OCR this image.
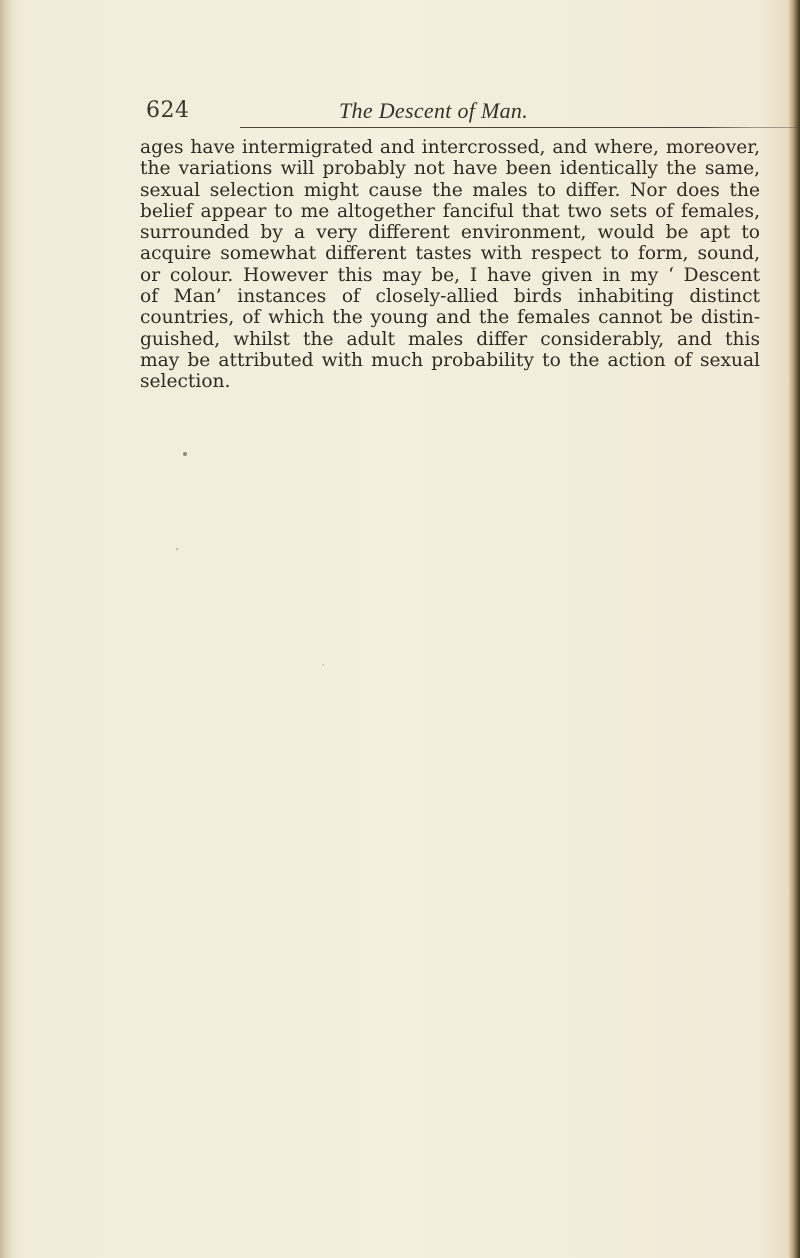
624	The Descent of Man.
ages have intermigrated and intercrossed, and where, moreover,
the variations will probably not have been identically the same,
sexual selection might cause the males to differ. Nor does the
belief appear to me altogether fanciful that two sets of females,
surrounded by a very different environment, would be apt to
acquire somewhat different tastes with respect to form, sound,
or colour. However this may be, I have given in my ‘ Descent
of Man’ instances of closely-allied birds inhabiting distinct
countries, of which the young and the females cannot be distin-
guished, whilst the adult males differ considerably, and this
may be attributed with much probability to the action of sexual
selection.
